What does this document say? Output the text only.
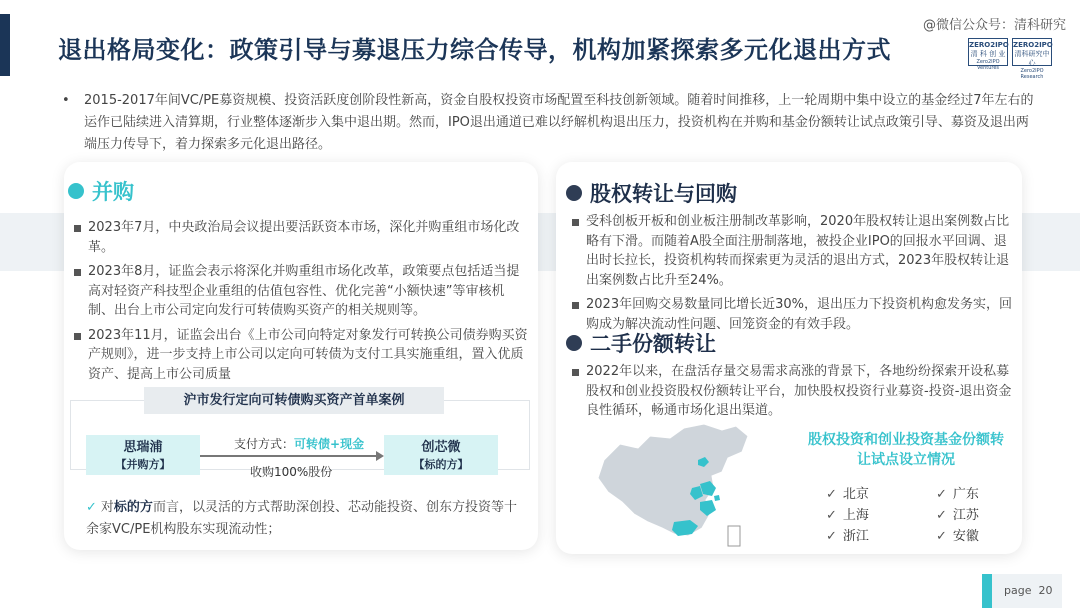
退出格局变化：政策引导与募退压力综合传导，机构加紧探索多元化退出方式
@微信公众号：清科研究
ZERO2IPO
清 科 创 业
Zero2IPO Ventures
ZERO2IPO
清科研究中心
Zero2IPO Research
• 2015-2017年间VC/PE募资规模、投资活跃度创阶段性新高，资金自股权投资市场配置至科技创新领域。随着时间推移，上一轮周期中集中设立的基金经过7年左右的运作已陆续进入清算期，行业整体逐渐步入集中退出期。然而，IPO退出通道已难以纾解机构退出压力，投资机构在并购和基金份额转让试点政策引导、募资及退出两端压力传导下，着力探索多元化退出路径。

并购
2023年7月，中央政治局会议提出要活跃资本市场，深化并购重组市场化改革。
2023年8月，证监会表示将深化并购重组市场化改革，政策要点包括适当提高对轻资产科技型企业重组的估值包容性、优化完善“小额快速”等审核机制、出台上市公司定向发行可转债购买资产的相关规则等。
2023年11月，证监会出台《上市公司向特定对象发行可转换公司债券购买资产规则》，进一步支持上市公司以定向可转债为支付工具实施重组，置入优质资产、提高上市公司质量
沪市发行定向可转债购买资产首单案例
思瑞浦
【并购方】
支付方式：可转债+现金
收购100%股份
创芯微
【标的方】
✓ 对标的方而言，以灵活的方式帮助深创投、芯动能投资、创东方投资等十余家VC/PE机构股东实现流动性；
股权转让与回购
受科创板开板和创业板注册制改革影响，2020年股权转让退出案例数占比略有下滑。而随着A股全面注册制落地，被投企业IPO的回报水平回调、退出时长拉长，投资机构转而探索更为灵活的退出方式，2023年股权转让退出案例数占比升至24%。
2023年回购交易数量同比增长近30%，退出压力下投资机构愈发务实，回购成为解决流动性问题、回笼资金的有效手段。
二手份额转让
2022年以来，在盘活存量交易需求高涨的背景下，各地纷纷探索开设私募股权和创业投资股权份额转让平台，加快股权投资行业募资-投资-退出资金良性循环，畅通市场化退出渠道。
股权投资和创业投资基金份额转让试点设立情况
✓ 北京	✓ 广东
✓ 上海	✓ 江苏
✓ 浙江	✓ 安徽
page 20
